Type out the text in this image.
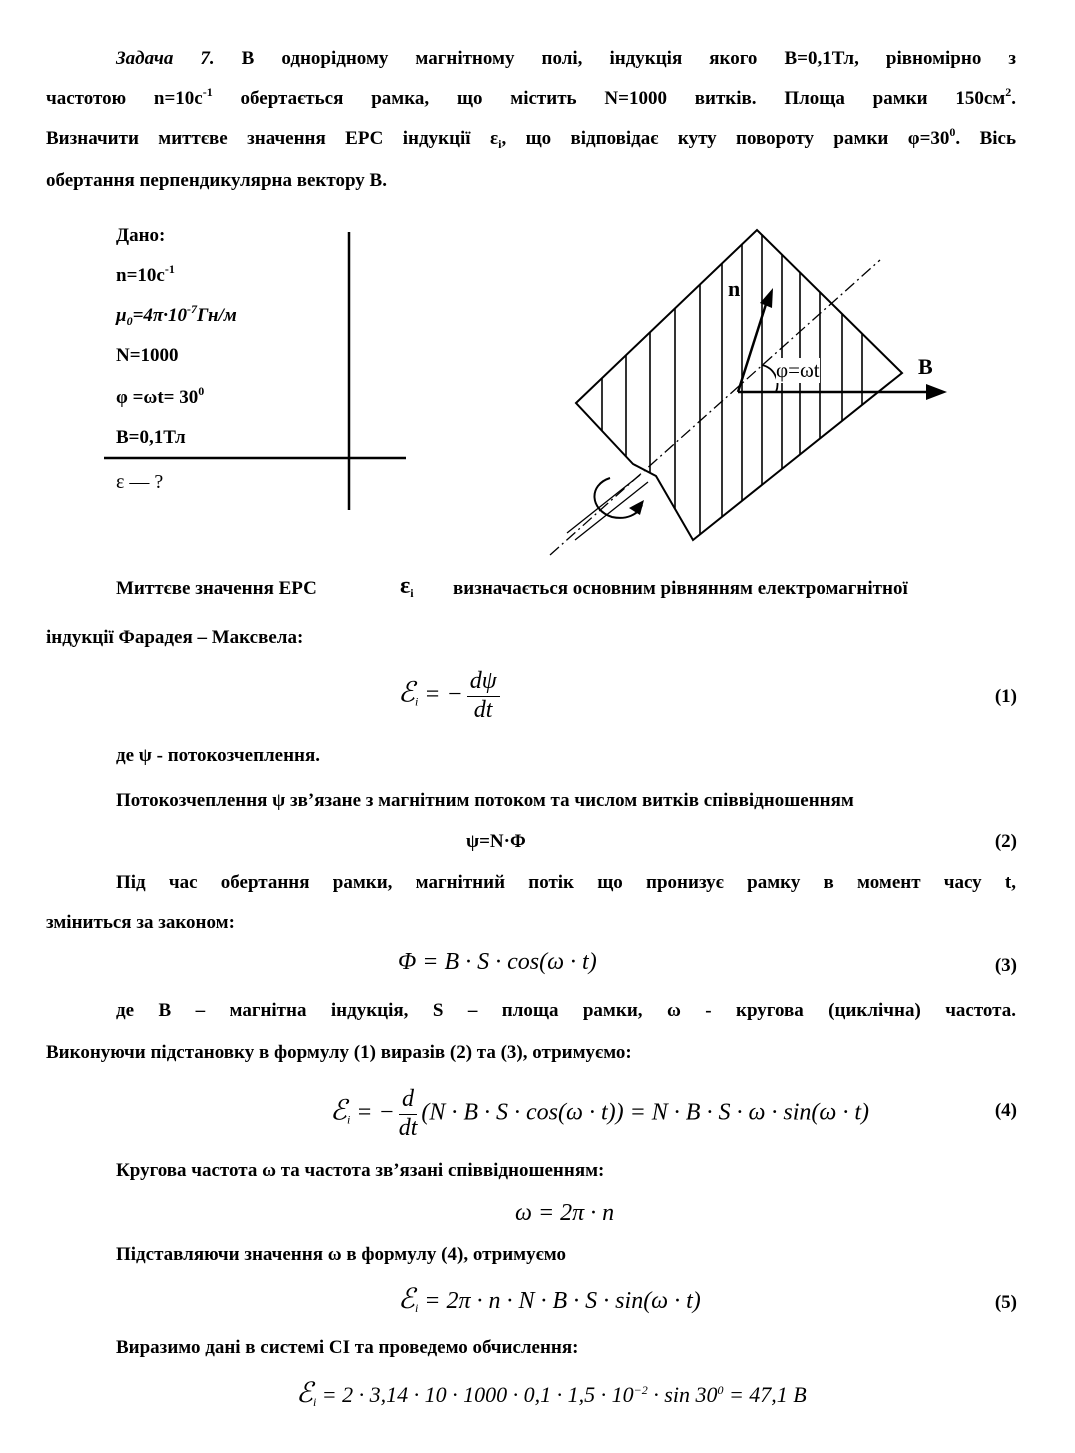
Задача 7. В однорідному магнітному полі, індукція якого В=0,1Тл, рівномірно з
частотою $n=10с^{-1}$ обертається рамка, що містить N=1000 витків. Площа рамки $150см^2$.
Визначити миттєве значення ЕРС індукції $\varepsilon_і$, що відповідає куту повороту рамки $\varphi=30^0$. Вісь
обертання перпендикулярна вектору В.
Дано:
$n=10с^{-1}$
$\mu_0=4\pi\cdot 10^{-7}Гн/м$
N=1000
$\varphi =\omega t= 30^0$
В=0,1Тл
ε — ?
n
φ=ωt	B
Миттєве значення ЕРС	$\varepsilon_і$ визначається основним рівнянням електромагнітної
індукції Фарадея – Максвела:
ℰ$_i$ = − $\frac{d\psi}{dt}$	(1)
де ψ - потокозчеплення.
Потокозчеплення ψ зв’язане з магнітним потоком та числом витків співвідношенням
ψ=N·Φ	(2)
Під час обертання рамки, магнітний потік що пронизує рамку в момент часу t,
зміниться за законом:
Φ = B · S · cos(ω · t)	(3)
де В – магнітна індукція, S – площа рамки, ω - кругова (циклічна) частота.
Виконуючи підстановку в формулу (1) виразів (2) та (3), отримуємо:
ℰ$_i$ = − $\frac{d}{dt} (N \cdot B \cdot S \cdot \cos(\omega \cdot t)) = N \cdot B \cdot S \cdot \omega \cdot \sin(\omega \cdot t)$	(4)
Кругова частота ω та частота зв’язані співвідношенням:
ω = 2π · n
Підставляючи значення ω в формулу (4), отримуємо
ℰ$_i$ = 2π · n · N · B · S · sin(ω · t)	(5)
Виразимо дані в системі СІ та проведемо обчислення:
ℰ$_i$ = $2 \cdot 3,14 \cdot 10 \cdot 1000 \cdot 0,1 \cdot 1,5 \cdot 10^{-2} \cdot \sin 30^0 = 47,1$ B
